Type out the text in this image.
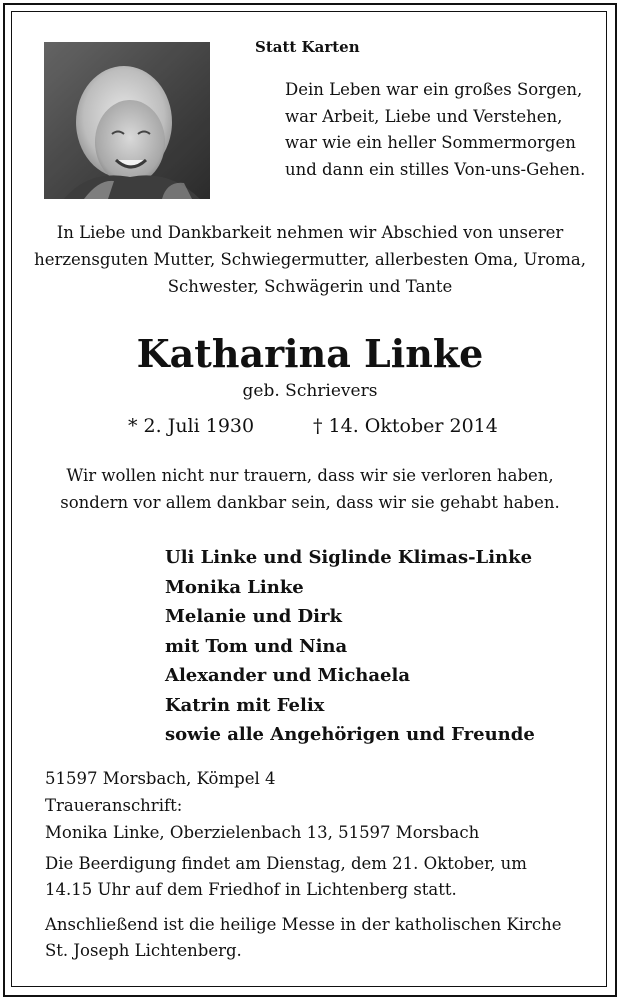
Statt Karten
Dein Leben war ein großes Sorgen,
war Arbeit, Liebe und Verstehen,
war wie ein heller Sommermorgen
und dann ein stilles Von-uns-Gehen.
In Liebe und Dankbarkeit nehmen wir Abschied von unserer
herzensguten Mutter, Schwiegermutter, allerbesten Oma, Uroma,
Schwester, Schwägerin und Tante
Katharina Linke
geb. Schrievers
* 2. Juli 1930	† 14. Oktober 2014
Wir wollen nicht nur trauern, dass wir sie verloren haben,
sondern vor allem dankbar sein, dass wir sie gehabt haben.
Uli Linke und Siglinde Klimas-Linke
Monika Linke
Melanie und Dirk
mit Tom und Nina
Alexander und Michaela
Katrin mit Felix
sowie alle Angehörigen und Freunde
51597 Morsbach, Kömpel 4
Traueranschrift:
Monika Linke, Oberzielenbach 13, 51597 Morsbach
Die Beerdigung findet am Dienstag, dem 21. Oktober, um
14.15 Uhr auf dem Friedhof in Lichtenberg statt.
Anschließend ist die heilige Messe in der katholischen Kirche
St. Joseph Lichtenberg.
